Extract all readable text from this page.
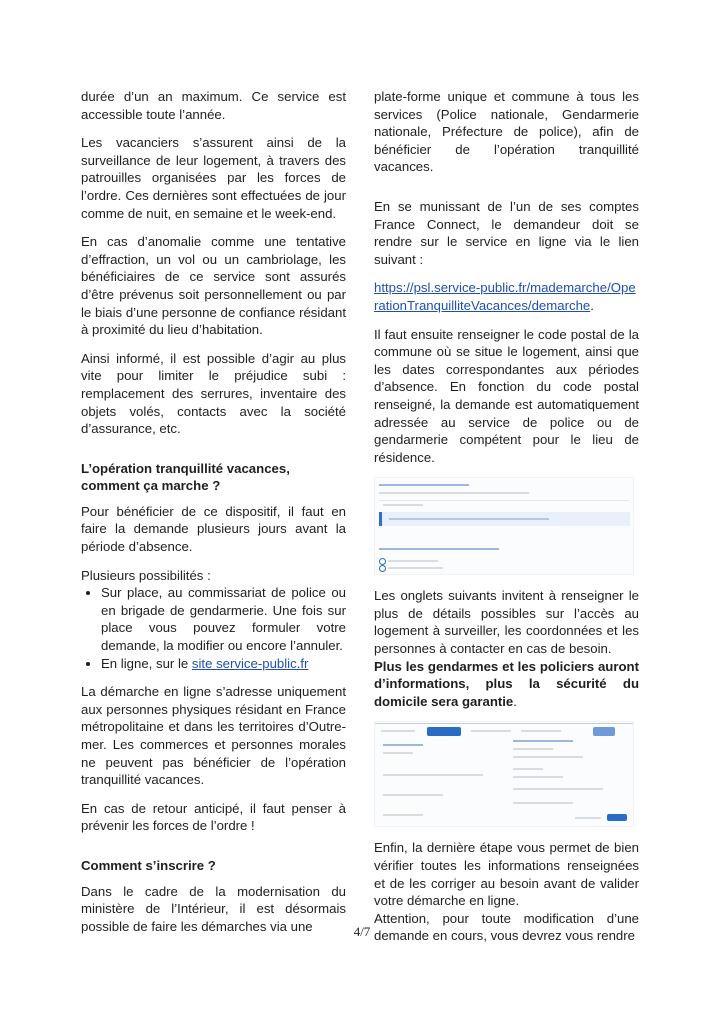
durée d’un an maximum. Ce service est accessible toute l’année.

Les vacanciers s’assurent ainsi de la surveillance de leur logement, à travers des patrouilles organisées par les forces de l’ordre. Ces dernières sont effectuées de jour comme de nuit, en semaine et le week-end.

En cas d’anomalie comme une tentative d’effraction, un vol ou un cambriolage, les bénéficiaires de ce service sont assurés d’être prévenus soit personnellement ou par le biais d’une personne de confiance résidant à proximité du lieu d’habitation.

Ainsi informé, il est possible d’agir au plus vite pour limiter le préjudice subi : remplacement des serrures, inventaire des objets volés, contacts avec la société d’assurance, etc.

L’opération tranquillité vacances, comment ça marche ?

Pour bénéficier de ce dispositif, il faut en faire la demande plusieurs jours avant la période d’absence.

Plusieurs possibilités :

• Sur place, au commissariat de police ou en brigade de gendarmerie. Une fois sur place vous pouvez formuler votre demande, la modifier ou encore l’annuler.
• En ligne, sur le site service-public.fr

La démarche en ligne s’adresse uniquement aux personnes physiques résidant en France métropolitaine et dans les territoires d’Outre-mer. Les commerces et personnes morales ne peuvent pas bénéficier de l’opération tranquillité vacances.

En cas de retour anticipé, il faut penser à prévenir les forces de l’ordre !

Comment s’inscrire ?

Dans le cadre de la modernisation du ministère de l’Intérieur, il est désormais possible de faire les démarches via une

plate-forme unique et commune à tous les services (Police nationale, Gendarmerie nationale, Préfecture de police), afin de bénéficier de l’opération tranquillité vacances.

En se munissant de l’un de ses comptes France Connect, le demandeur doit se rendre sur le service en ligne via le lien suivant :

https://psl.service-public.fr/mademarche/OperationTranquilliteVacances/demarche.

Il faut ensuite renseigner le code postal de la commune où se situe le logement, ainsi que les dates correspondantes aux périodes d’absence. En fonction du code postal renseigné, la demande est automatiquement adressée au service de police ou de gendarmerie compétent pour le lieu de résidence.

Les onglets suivants invitent à renseigner le plus de détails possibles sur l’accès au logement à surveiller, les coordonnées et les personnes à contacter en cas de besoin.

Plus les gendarmes et les policiers auront d’informations, plus la sécurité du domicile sera garantie.

Enfin, la dernière étape vous permet de bien vérifier toutes les informations renseignées et de les corriger au besoin avant de valider votre démarche en ligne.

Attention, pour toute modification d’une demande en cours, vous devrez vous rendre

4/7
